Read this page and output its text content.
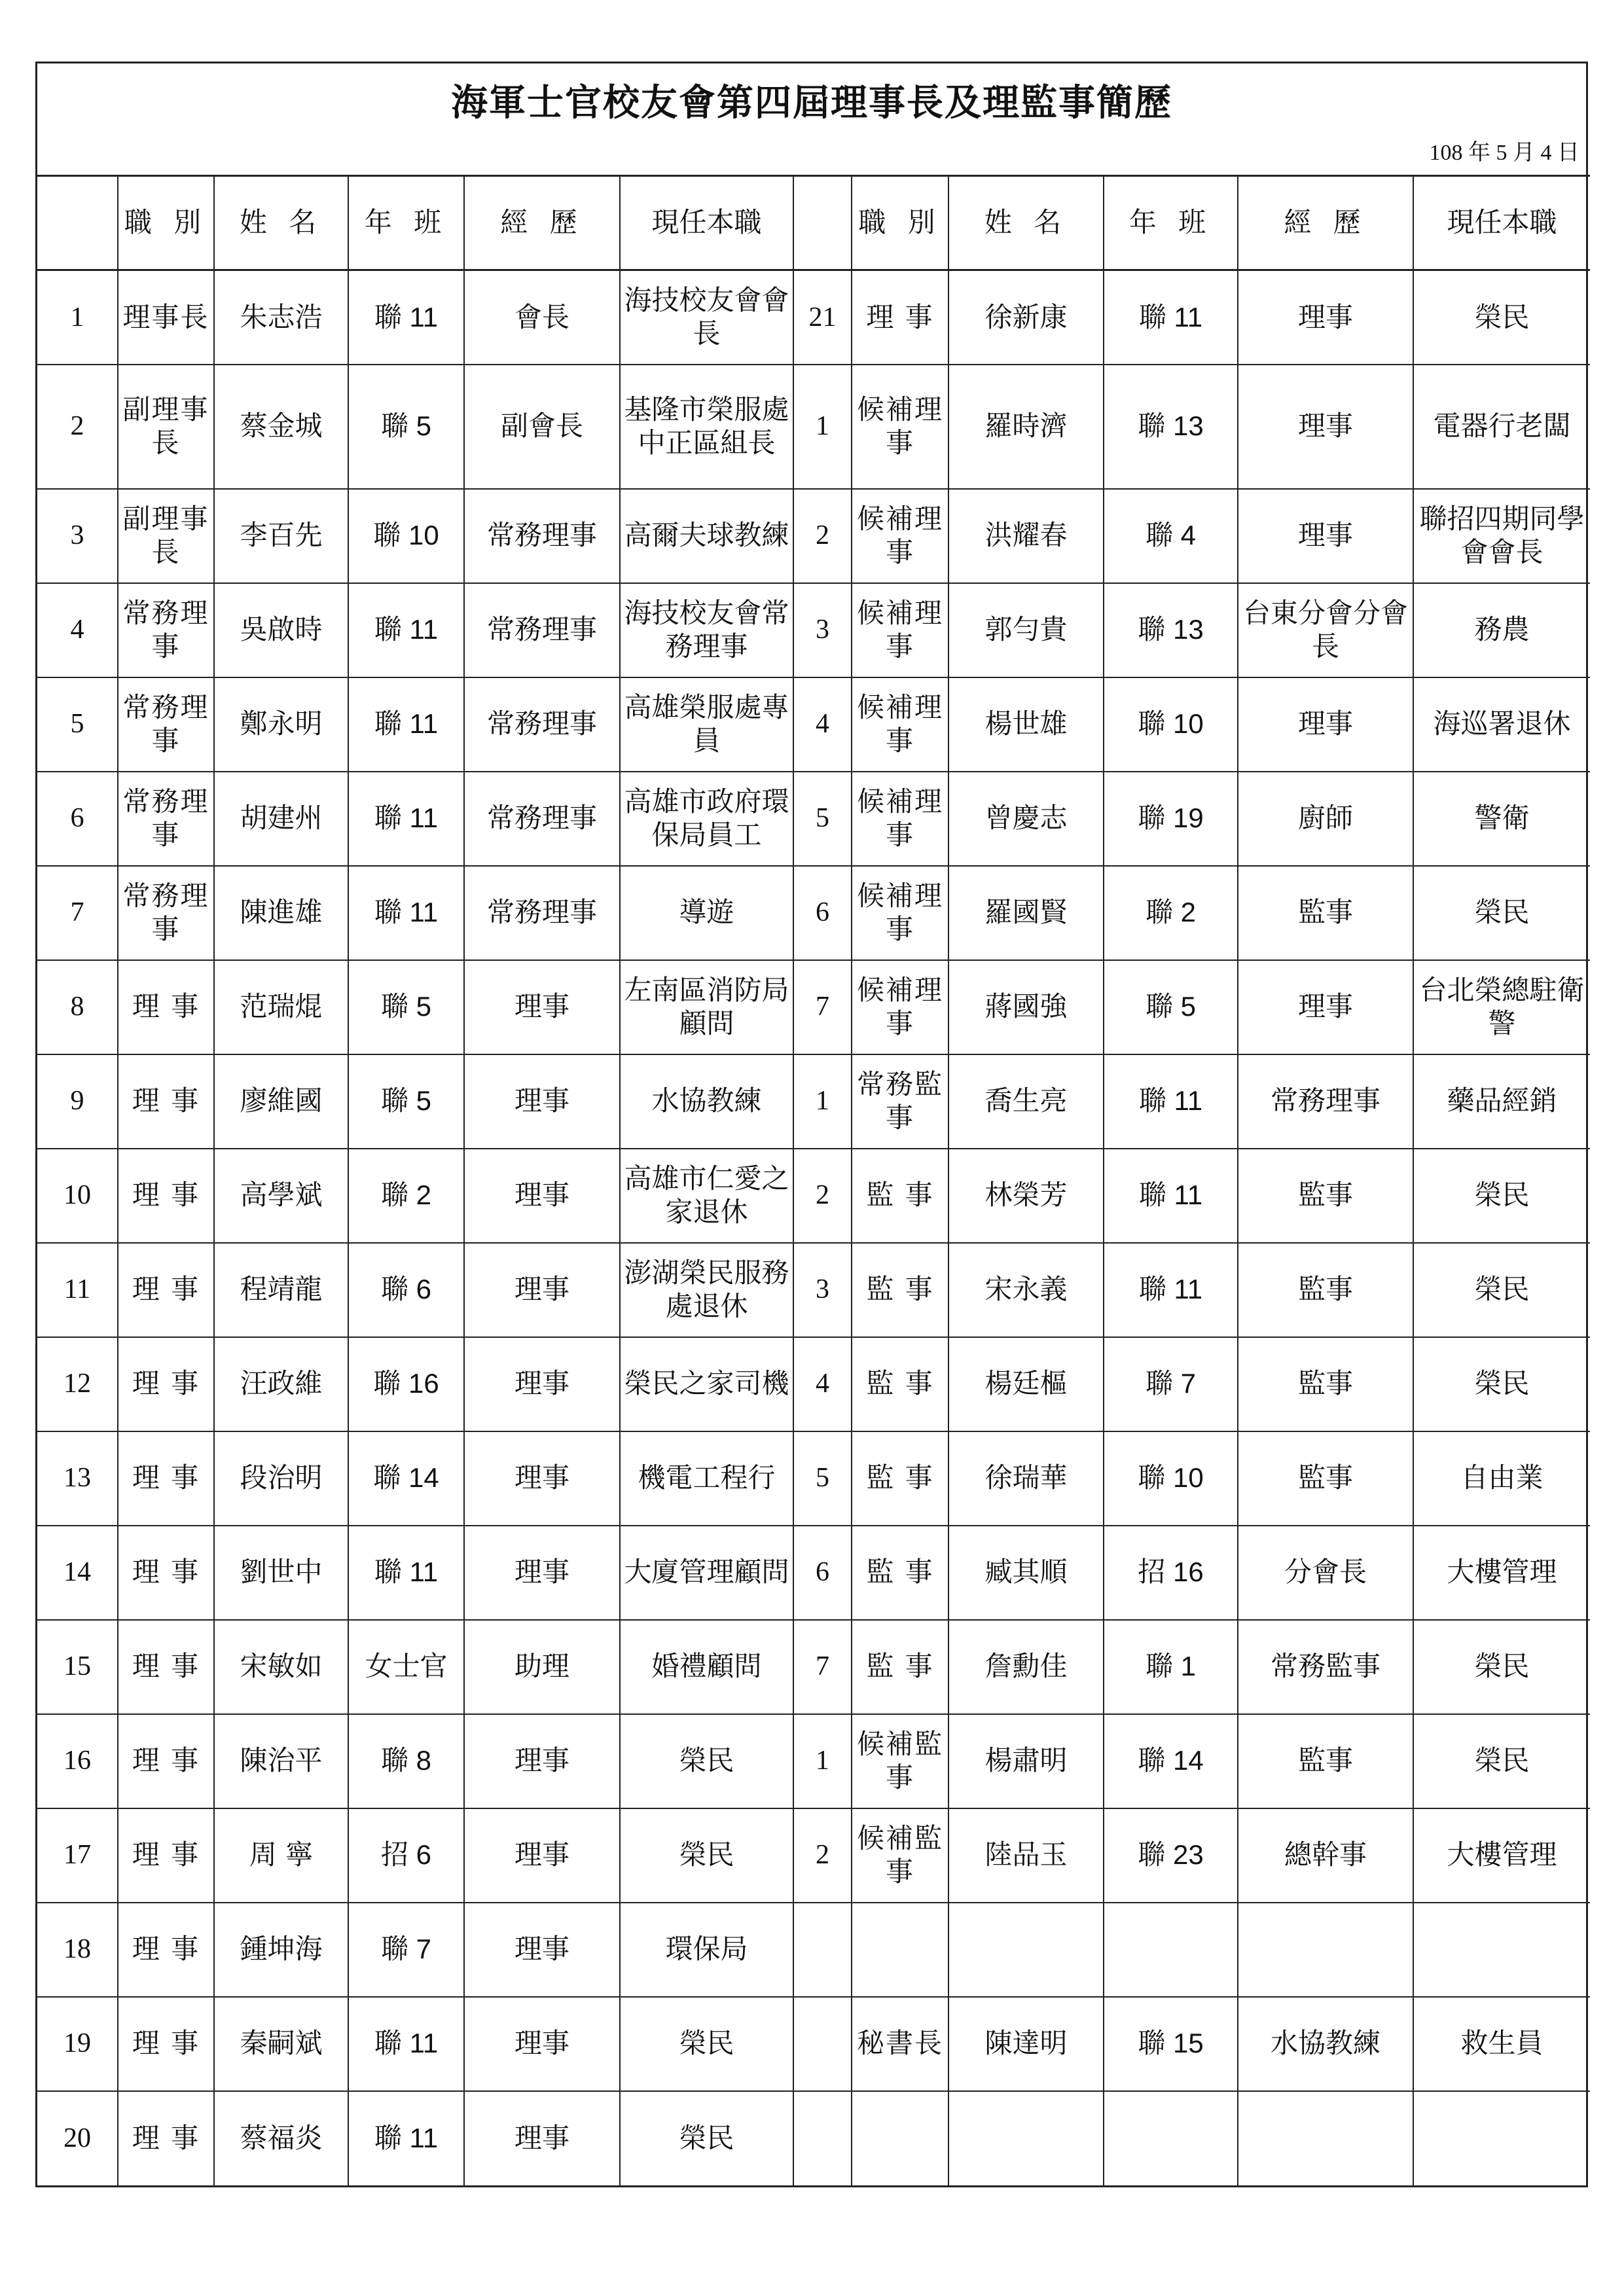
海軍士官校友會第四屆理事長及理監事簡歷
108 年 5 月 4 日
	職 別	姓 名	年 班	經 歷	現任本職		職 別	姓 名	年 班	經 歷	現任本職
1	理事長	朱志浩	聯 11	會長	海技校友會會長	21	理 事	徐新康	聯 11	理事	榮民
2	副理事長	蔡金城	聯 5	副會長	基隆市榮服處 中正區組長	1	候補理事	羅時濟	聯 13	理事	電器行老闆
3	副理事長	李百先	聯 10	常務理事	高爾夫球教練	2	候補理事	洪耀春	聯 4	理事	聯招四期同學會會長
4	常務理事	吳啟時	聯 11	常務理事	海技校友會常務理事	3	候補理事	郭勻貴	聯 13	台東分會分會長	務農
5	常務理事	鄭永明	聯 11	常務理事	高雄榮服處專員	4	候補理事	楊世雄	聯 10	理事	海巡署退休
6	常務理事	胡建州	聯 11	常務理事	高雄市政府環保局員工	5	候補理事	曾慶志	聯 19	廚師	警衛
7	常務理事	陳進雄	聯 11	常務理事	導遊	6	候補理事	羅國賢	聯 2	監事	榮民
8	理 事	范瑞焜	聯 5	理事	左南區消防局顧問	7	候補理事	蔣國強	聯 5	理事	台北榮總駐衛警
9	理 事	廖維國	聯 5	理事	水協教練	1	常務監事	喬生亮	聯 11	常務理事	藥品經銷
10	理 事	高學斌	聯 2	理事	高雄市仁愛之家退休	2	監 事	林榮芳	聯 11	監事	榮民
11	理 事	程靖龍	聯 6	理事	澎湖榮民服務處退休	3	監 事	宋永義	聯 11	監事	榮民
12	理 事	汪政維	聯 16	理事	榮民之家司機	4	監 事	楊廷樞	聯 7	監事	榮民
13	理 事	段治明	聯 14	理事	機電工程行	5	監 事	徐瑞華	聯 10	監事	自由業
14	理 事	劉世中	聯 11	理事	大廈管理顧問	6	監 事	臧其順	招 16	分會長	大樓管理
15	理 事	宋敏如	女士官	助理	婚禮顧問	7	監 事	詹勳佳	聯 1	常務監事	榮民
16	理 事	陳治平	聯 8	理事	榮民	1	候補監事	楊肅明	聯 14	監事	榮民
17	理 事	周 寧	招 6	理事	榮民	2	候補監事	陸品玉	聯 23	總幹事	大樓管理
18	理 事	鍾坤海	聯 7	理事	環保局						
19	理 事	秦嗣斌	聯 11	理事	榮民		秘書長	陳達明	聯 15	水協教練	救生員
20	理 事	蔡福炎	聯 11	理事	榮民						
